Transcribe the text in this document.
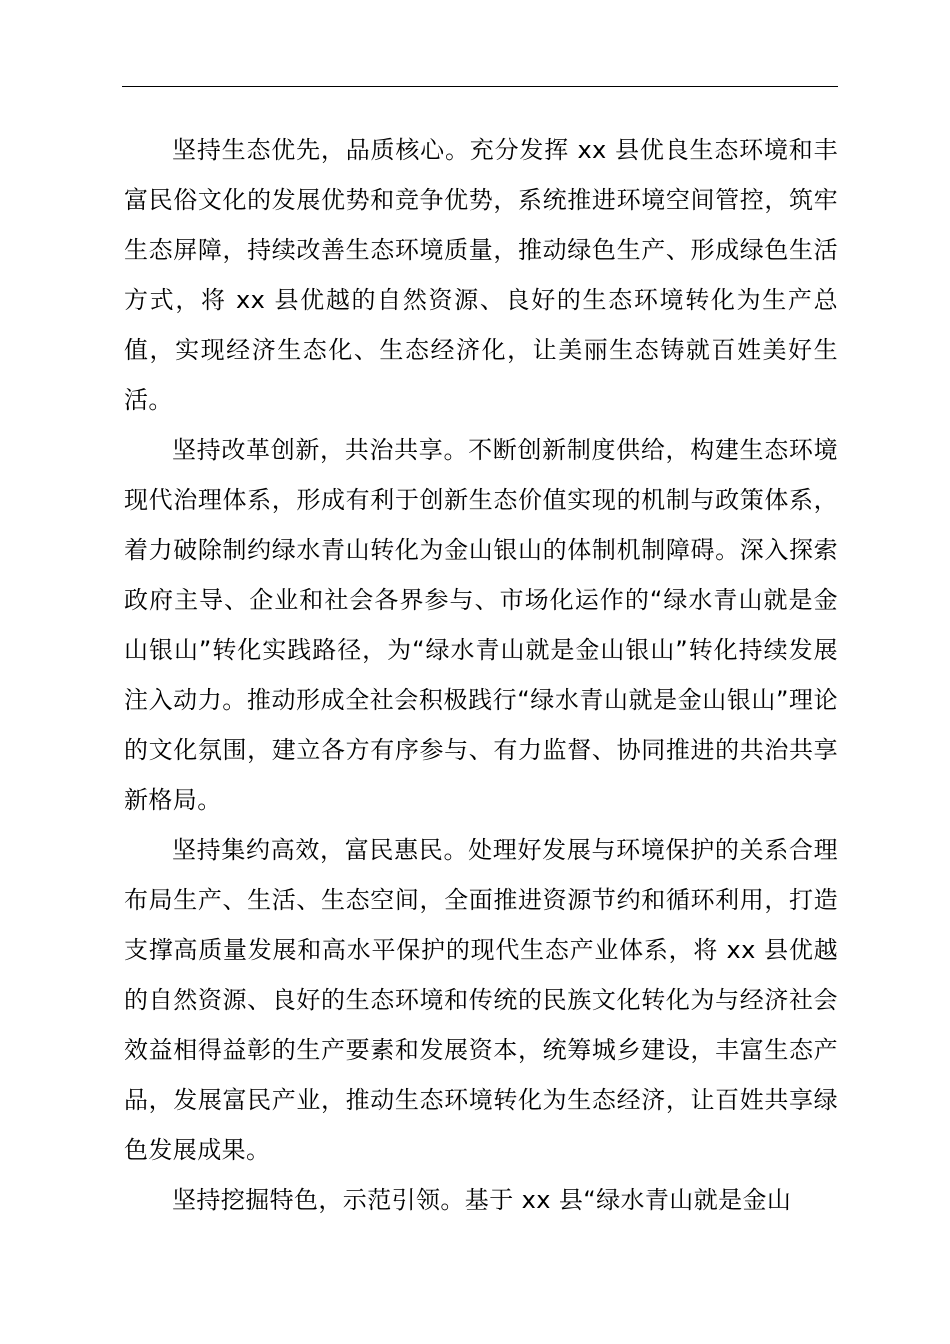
坚持生态优先，品质核心。充分发挥 xx 县优良生态环境和丰富民俗文化的发展优势和竞争优势，系统推进环境空间管控，筑牢生态屏障，持续改善生态环境质量，推动绿色生产、形成绿色生活方式，将 xx 县优越的自然资源、良好的生态环境转化为生产总值，实现经济生态化、生态经济化，让美丽生态铸就百姓美好生活。

坚持改革创新，共治共享。不断创新制度供给，构建生态环境现代治理体系，形成有利于创新生态价值实现的机制与政策体系，着力破除制约绿水青山转化为金山银山的体制机制障碍。深入探索政府主导、企业和社会各界参与、市场化运作的“绿水青山就是金山银山”转化实践路径，为“绿水青山就是金山银山”转化持续发展注入动力。推动形成全社会积极践行“绿水青山就是金山银山”理论的文化氛围，建立各方有序参与、有力监督、协同推进的共治共享新格局。

坚持集约高效，富民惠民。处理好发展与环境保护的关系合理布局生产、生活、生态空间，全面推进资源节约和循环利用，打造支撑高质量发展和高水平保护的现代生态产业体系，将 xx 县优越的自然资源、良好的生态环境和传统的民族文化转化为与经济社会效益相得益彰的生产要素和发展资本，统筹城乡建设，丰富生态产品，发展富民产业，推动生态环境转化为生态经济，让百姓共享绿色发展成果。

坚持挖掘特色，示范引领。基于 xx 县“绿水青山就是金山
